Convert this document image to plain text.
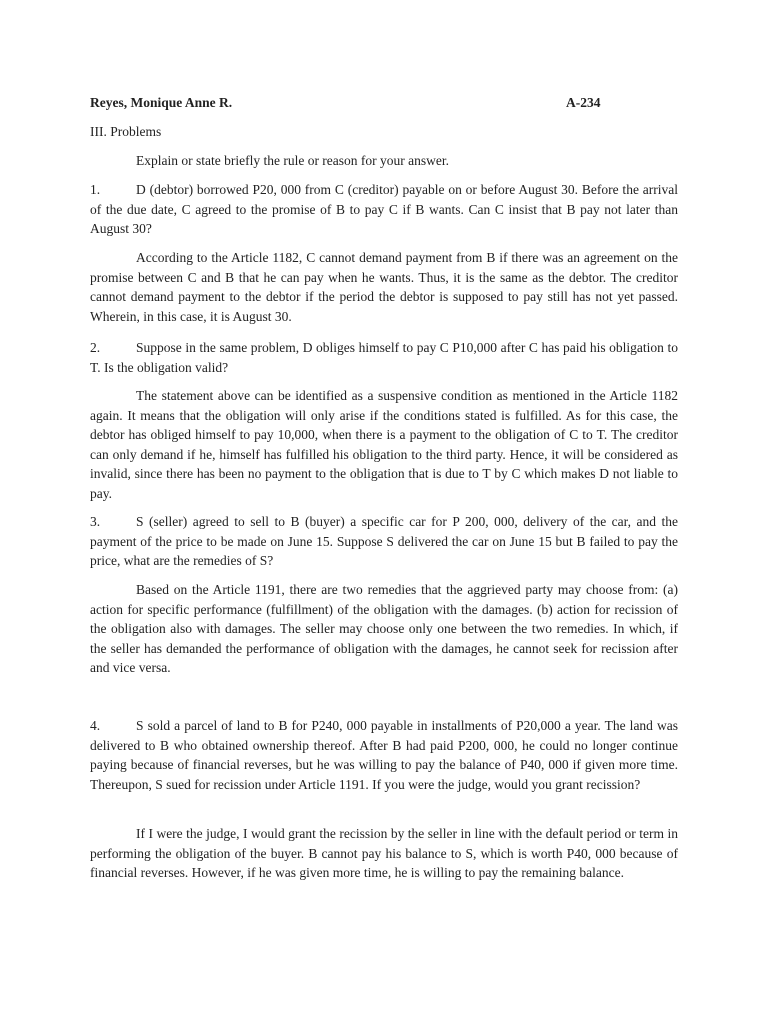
Reyes, Monique Anne R.	A-234
III. Problems
Explain or state briefly the rule or reason for your answer.
1.	D (debtor) borrowed P20, 000 from C (creditor) payable on or before August 30. Before the arrival of the due date, C agreed to the promise of B to pay C if B wants. Can C insist that B pay not later than August 30?
According to the Article 1182, C cannot demand payment from B if there was an agreement on the promise between C and B that he can pay when he wants. Thus, it is the same as the debtor. The creditor cannot demand payment to the debtor if the period the debtor is supposed to pay still has not yet passed. Wherein, in this case, it is August 30.
2.	Suppose in the same problem, D obliges himself to pay C P10,000 after C has paid his obligation to T. Is the obligation valid?
The statement above can be identified as a suspensive condition as mentioned in the Article 1182 again. It means that the obligation will only arise if the conditions stated is fulfilled. As for this case, the debtor has obliged himself to pay 10,000, when there is a payment to the obligation of C to T. The creditor can only demand if he, himself has fulfilled his obligation to the third party. Hence, it will be considered as invalid, since there has been no payment to the obligation that is due to T by C which makes D not liable to pay.
3.	S (seller) agreed to sell to B (buyer) a specific car for P 200, 000, delivery of the car, and the payment of the price to be made on June 15. Suppose S delivered the car on June 15 but B failed to pay the price, what are the remedies of S?
Based on the Article 1191, there are two remedies that the aggrieved party may choose from: (a) action for specific performance (fulfillment) of the obligation with the damages. (b) action for recission of the obligation also with damages. The seller may choose only one between the two remedies. In which, if the seller has demanded the performance of obligation with the damages, he cannot seek for recission after and vice versa.
4.	S sold a parcel of land to B for P240, 000 payable in installments of P20,000 a year. The land was delivered to B who obtained ownership thereof. After B had paid P200, 000, he could no longer continue paying because of financial reverses, but he was willing to pay the balance of P40, 000 if given more time. Thereupon, S sued for recission under Article 1191. If you were the judge, would you grant recission?
If I were the judge, I would grant the recission by the seller in line with the default period or term in performing the obligation of the buyer. B cannot pay his balance to S, which is worth P40, 000 because of financial reverses. However, if he was given more time, he is willing to pay the remaining balance.
